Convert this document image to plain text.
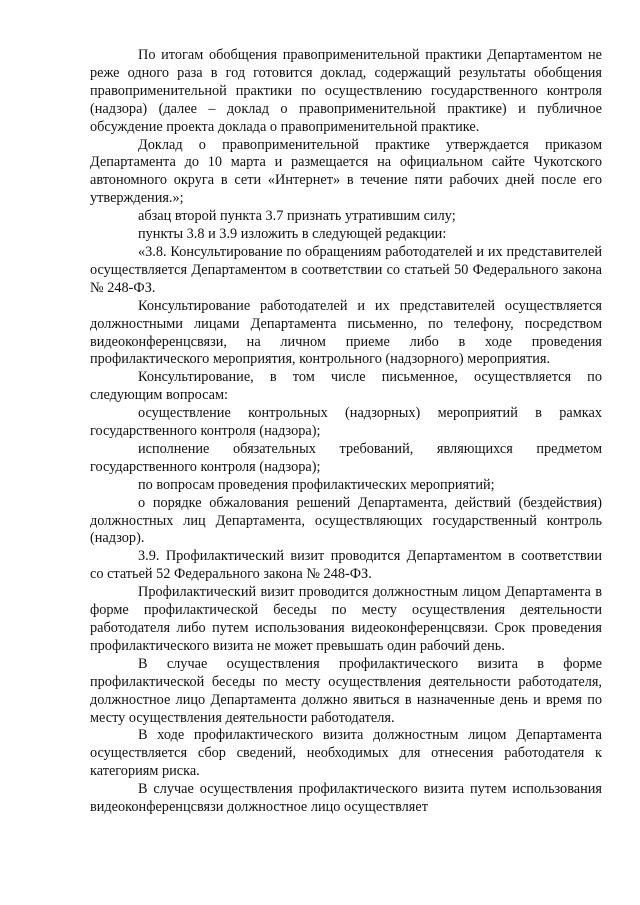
По итогам обобщения правоприменительной практики Департаментом не реже одного раза в год готовится доклад, содержащий результаты обобщения правоприменительной практики по осуществлению государственного контроля (надзора) (далее – доклад о правоприменительной практике) и публичное обсуждение проекта доклада о правоприменительной практике.

Доклад о правоприменительной практике утверждается приказом Департамента до 10 марта и размещается на официальном сайте Чукотского автономного округа в сети «Интернет» в течение пяти рабочих дней после его утверждения.»;

абзац второй пункта 3.7 признать утратившим силу;

пункты 3.8 и 3.9 изложить в следующей редакции:

«3.8. Консультирование по обращениям работодателей и их представителей осуществляется Департаментом в соответствии со статьей 50 Федерального закона № 248-ФЗ.

Консультирование работодателей и их представителей осуществляется должностными лицами Департамента письменно, по телефону, посредством видеоконференцсвязи, на личном приеме либо в ходе проведения профилактического мероприятия, контрольного (надзорного) мероприятия.

Консультирование, в том числе письменное, осуществляется по следующим вопросам:

осуществление контрольных (надзорных) мероприятий в рамках государственного контроля (надзора);

исполнение обязательных требований, являющихся предметом государственного контроля (надзора);

по вопросам проведения профилактических мероприятий;

о порядке обжалования решений Департамента, действий (бездействия) должностных лиц Департамента, осуществляющих государственный контроль (надзор).

3.9. Профилактический визит проводится Департаментом в соответствии со статьей 52 Федерального закона № 248-ФЗ.

Профилактический визит проводится должностным лицом Департамента в форме профилактической беседы по месту осуществления деятельности работодателя либо путем использования видеоконференцсвязи. Срок проведения профилактического визита не может превышать один рабочий день.

В случае осуществления профилактического визита в форме профилактической беседы по месту осуществления деятельности работодателя, должностное лицо Департамента должно явиться в назначенные день и время по месту осуществления деятельности работодателя.

В ходе профилактического визита должностным лицом Департамента осуществляется сбор сведений, необходимых для отнесения работодателя к категориям риска.

В случае осуществления профилактического визита путем использования видеоконференцсвязи должностное лицо осуществляет
